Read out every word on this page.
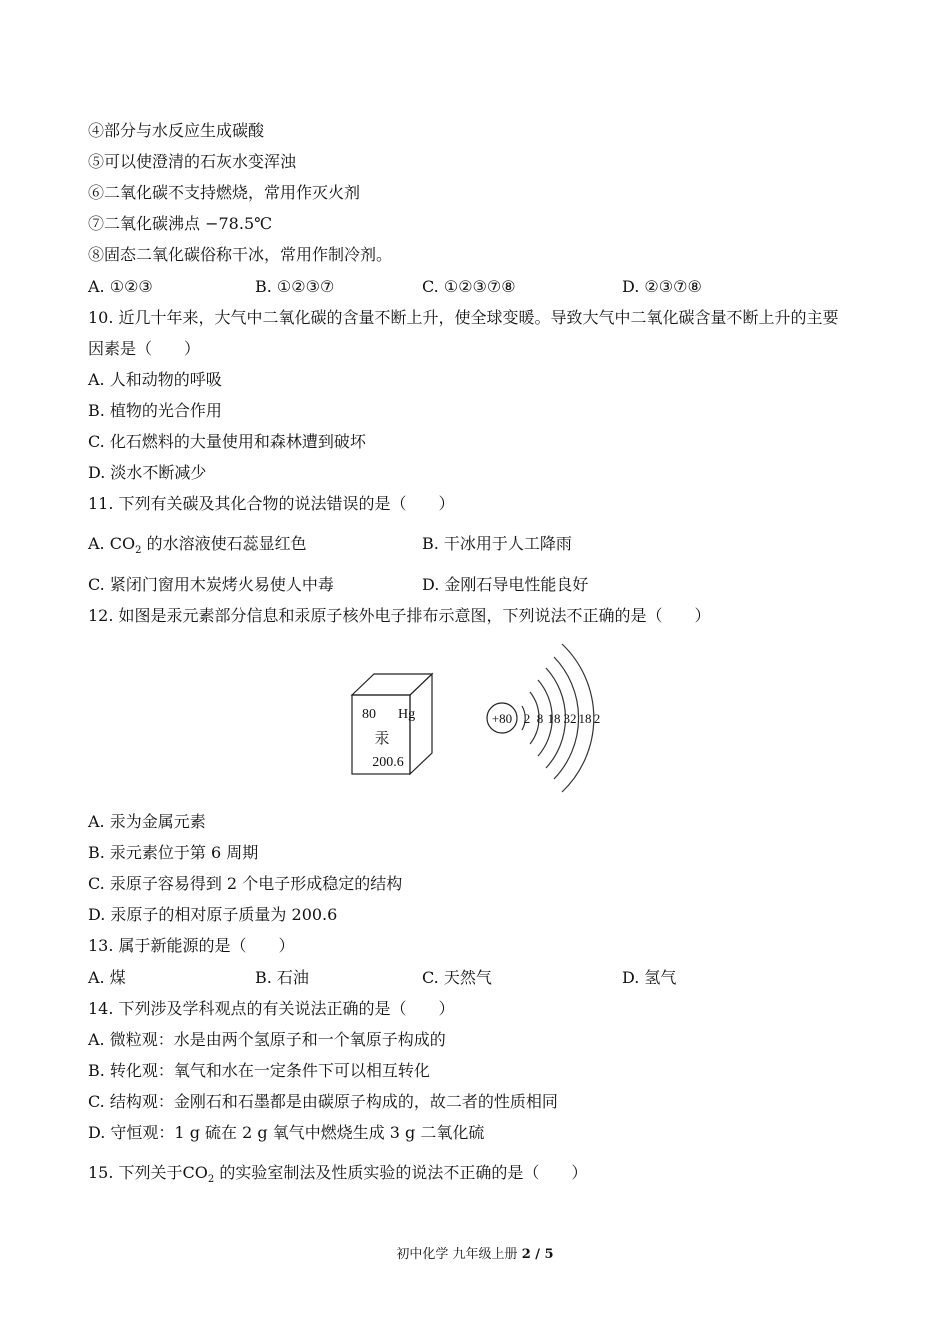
④部分与水反应生成碳酸
⑤可以使澄清的石灰水变浑浊
⑥二氧化碳不支持燃烧，常用作灭火剂
⑦二氧化碳沸点 −78.5℃
⑧固态二氧化碳俗称干冰，常用作制冷剂。
A. ①②③	B. ①②③⑦	C. ①②③⑦⑧	D. ②③⑦⑧
10. 近几十年来，大气中二氧化碳的含量不断上升，使全球变暖。导致大气中二氧化碳含量不断上升的主要
因素是（　　）
A. 人和动物的呼吸
B. 植物的光合作用
C. 化石燃料的大量使用和森林遭到破坏
D. 淡水不断减少
11. 下列有关碳及其化合物的说法错误的是（　　）
A. $CO_2$ 的水溶液使石蕊显红色	B. 干冰用于人工降雨
C. 紧闭门窗用木炭烤火易使人中毒	D. 金刚石导电性能良好
12. 如图是汞元素部分信息和汞原子核外电子排布示意图，下列说法不正确的是（　　）
80 Hg
汞
200.6
+80 2 8 18 32 18 2
A. 汞为金属元素
B. 汞元素位于第 6 周期
C. 汞原子容易得到 2 个电子形成稳定的结构
D. 汞原子的相对原子质量为 200.6
13. 属于新能源的是（　　）
A. 煤	B. 石油	C. 天然气	D. 氢气
14. 下列涉及学科观点的有关说法正确的是（　　）
A. 微粒观：水是由两个氢原子和一个氧原子构成的
B. 转化观：氧气和水在一定条件下可以相互转化
C. 结构观：金刚石和石墨都是由碳原子构成的，故二者的性质相同
D. 守恒观：1 g 硫在 2 g 氧气中燃烧生成 3 g 二氧化硫
15. 下列关于$CO_2$ 的实验室制法及性质实验的说法不正确的是（　　）
初中化学 九年级上册 2 / 5
